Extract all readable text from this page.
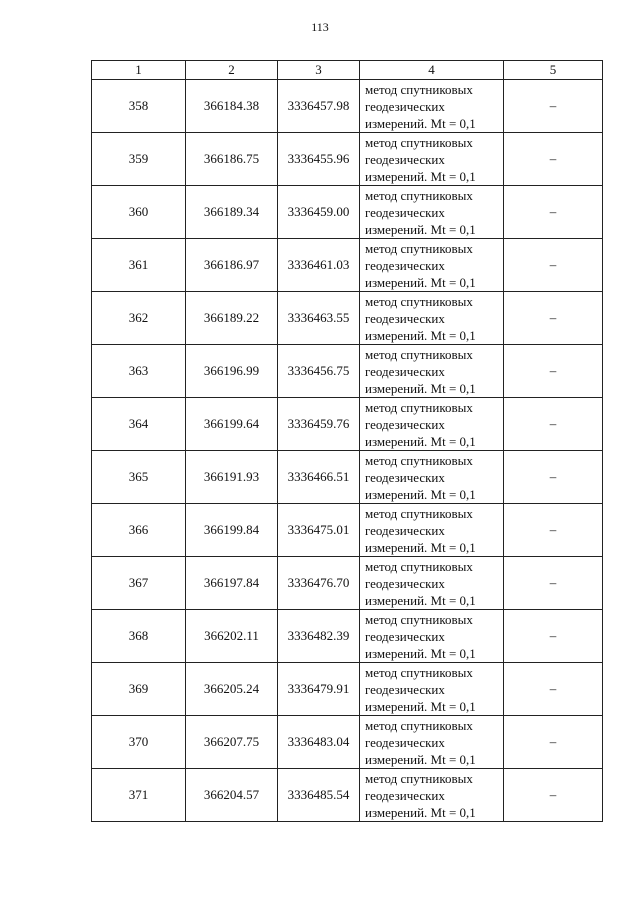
113
1	2	3	4	5
358	366184.38	3336457.98	метод спутниковых
геодезических
измерений. Mt = 0,1	–
359	366186.75	3336455.96	метод спутниковых
геодезических
измерений. Mt = 0,1	–
360	366189.34	3336459.00	метод спутниковых
геодезических
измерений. Mt = 0,1	–
361	366186.97	3336461.03	метод спутниковых
геодезических
измерений. Mt = 0,1	–
362	366189.22	3336463.55	метод спутниковых
геодезических
измерений. Mt = 0,1	–
363	366196.99	3336456.75	метод спутниковых
геодезических
измерений. Mt = 0,1	–
364	366199.64	3336459.76	метод спутниковых
геодезических
измерений. Mt = 0,1	–
365	366191.93	3336466.51	метод спутниковых
геодезических
измерений. Mt = 0,1	–
366	366199.84	3336475.01	метод спутниковых
геодезических
измерений. Mt = 0,1	–
367	366197.84	3336476.70	метод спутниковых
геодезических
измерений. Mt = 0,1	–
368	366202.11	3336482.39	метод спутниковых
геодезических
измерений. Mt = 0,1	–
369	366205.24	3336479.91	метод спутниковых
геодезических
измерений. Mt = 0,1	–
370	366207.75	3336483.04	метод спутниковых
геодезических
измерений. Mt = 0,1	–
371	366204.57	3336485.54	метод спутниковых
геодезических
измерений. Mt = 0,1	–
